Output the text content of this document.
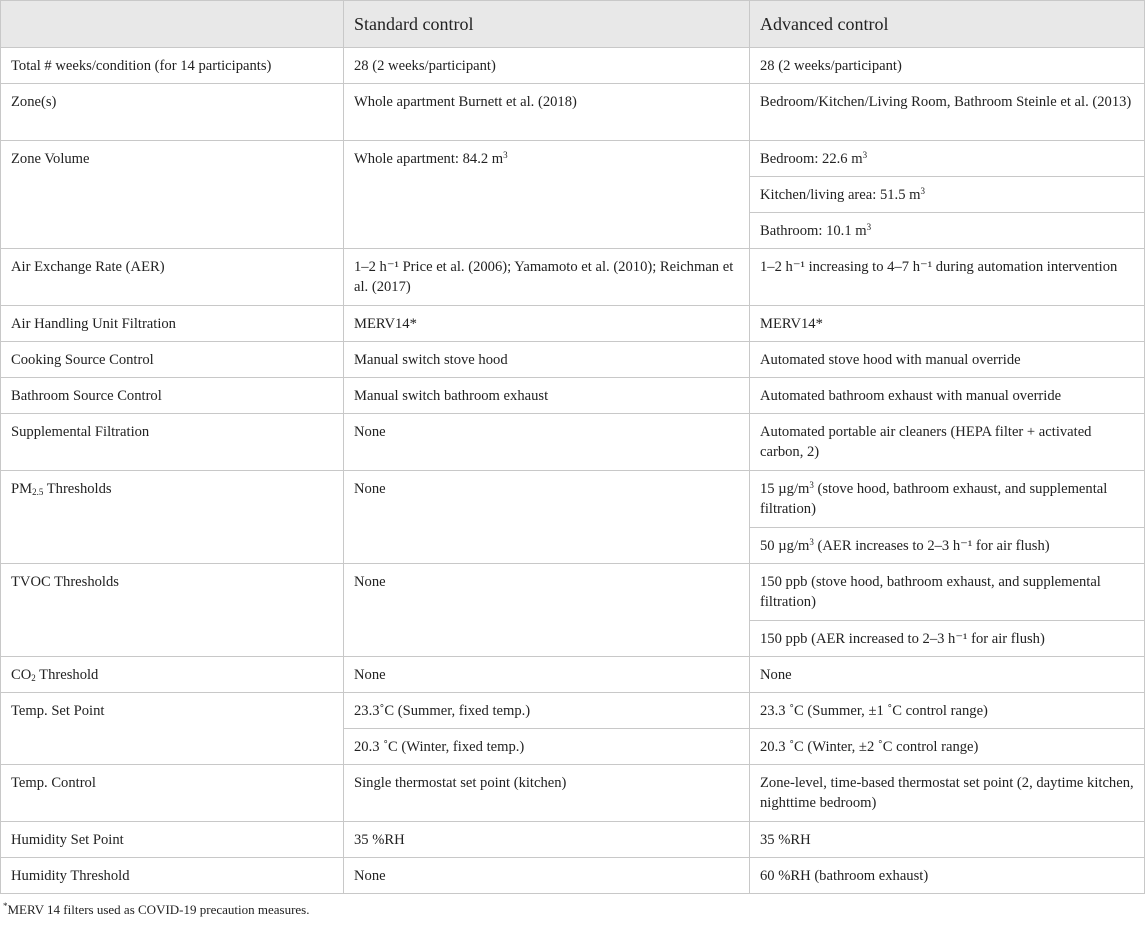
	Standard control	Advanced control
Total # weeks/condition (for 14 participants)	28 (2 weeks/participant)	28 (2 weeks/participant)
Zone(s)	Whole apartment Burnett et al. (2018)	Bedroom/Kitchen/Living Room, Bathroom Steinle et al. (2013)
Zone Volume	Whole apartment: 84.2 $m^3$	Bedroom: 22.6 $m^3$
		Kitchen/living area: 51.5 $m^3$
		Bathroom: 10.1 $m^3$
Air Exchange Rate (AER)	1–2 h⁻¹ Price et al. (2006); Yamamoto et al. (2010); Reichman et al. (2017)	1–2 h⁻¹ increasing to 4–7 h⁻¹ during automation intervention
Air Handling Unit Filtration	MERV14*	MERV14*
Cooking Source Control	Manual switch stove hood	Automated stove hood with manual override
Bathroom Source Control	Manual switch bathroom exhaust	Automated bathroom exhaust with manual override
Supplemental Filtration	None	Automated portable air cleaners (HEPA filter + activated carbon, 2)
$PM_{2.5}$ Thresholds	None	15 $\mu g/m^3$ (stove hood, bathroom exhaust, and supplemental filtration)
		50 $\mu g/m^3$ (AER increases to 2–3 h⁻¹ for air flush)
TVOC Thresholds	None	150 ppb (stove hood, bathroom exhaust, and supplemental filtration)
		150 ppb (AER increased to 2–3 h⁻¹ for air flush)
$CO_2$ Threshold	None	None
Temp. Set Point	23.3˚C (Summer, fixed temp.)	23.3 ˚C (Summer, ±1 ˚C control range)
	20.3 ˚C (Winter, fixed temp.)	20.3 ˚C (Winter, ±2 ˚C control range)
Temp. Control	Single thermostat set point (kitchen)	Zone-level, time-based thermostat set point (2, daytime kitchen, nighttime bedroom)
Humidity Set Point	35 %RH	35 %RH
Humidity Threshold	None	60 %RH (bathroom exhaust)
*MERV 14 filters used as COVID-19 precaution measures.
